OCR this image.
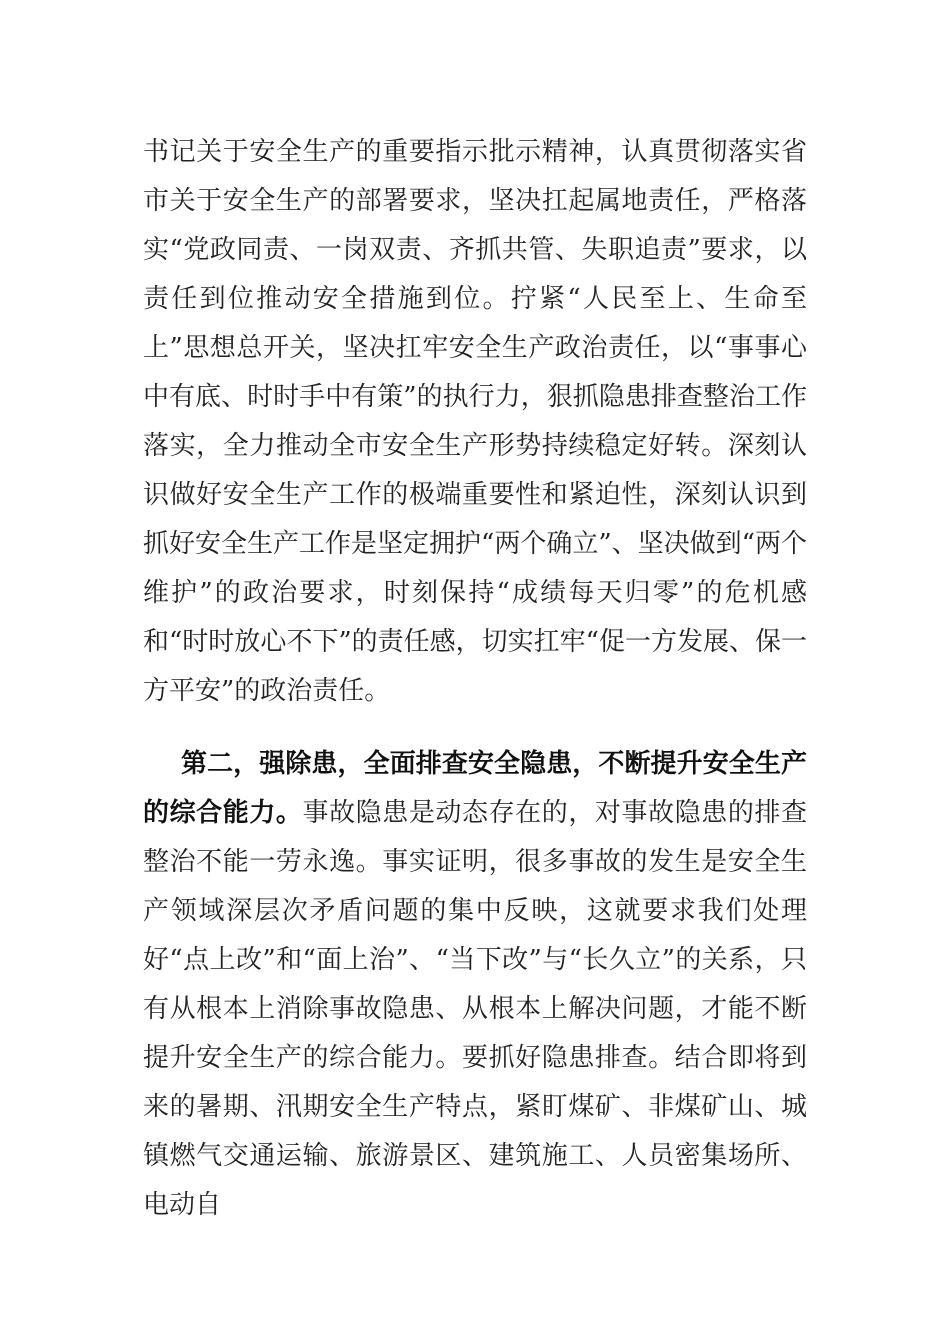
书记关于安全生产的重要指示批示精神，认真贯彻落实省市关于安全生产的部署要求，坚决扛起属地责任，严格落实“党政同责、一岗双责、齐抓共管、失职追责”要求，以责任到位推动安全措施到位。拧紧“人民至上、生命至上”思想总开关，坚决扛牢安全生产政治责任，以“事事心中有底、时时手中有策”的执行力，狠抓隐患排查整治工作落实，全力推动全市安全生产形势持续稳定好转。深刻认识做好安全生产工作的极端重要性和紧迫性，深刻认识到抓好安全生产工作是坚定拥护“两个确立”、坚决做到“两个维护”的政治要求，时刻保持“成绩每天归零”的危机感和“时时放心不下”的责任感，切实扛牢“促一方发展、保一方平安”的政治责任。

第二，强除患，全面排查安全隐患，不断提升安全生产的综合能力。事故隐患是动态存在的，对事故隐患的排查整治不能一劳永逸。事实证明，很多事故的发生是安全生产领域深层次矛盾问题的集中反映，这就要求我们处理好“点上改”和“面上治”、“当下改”与“长久立”的关系，只有从根本上消除事故隐患、从根本上解决问题，才能不断提升安全生产的综合能力。要抓好隐患排查。结合即将到来的暑期、汛期安全生产特点，紧盯煤矿、非煤矿山、城镇燃气交通运输、旅游景区、建筑施工、人员密集场所、电动自
